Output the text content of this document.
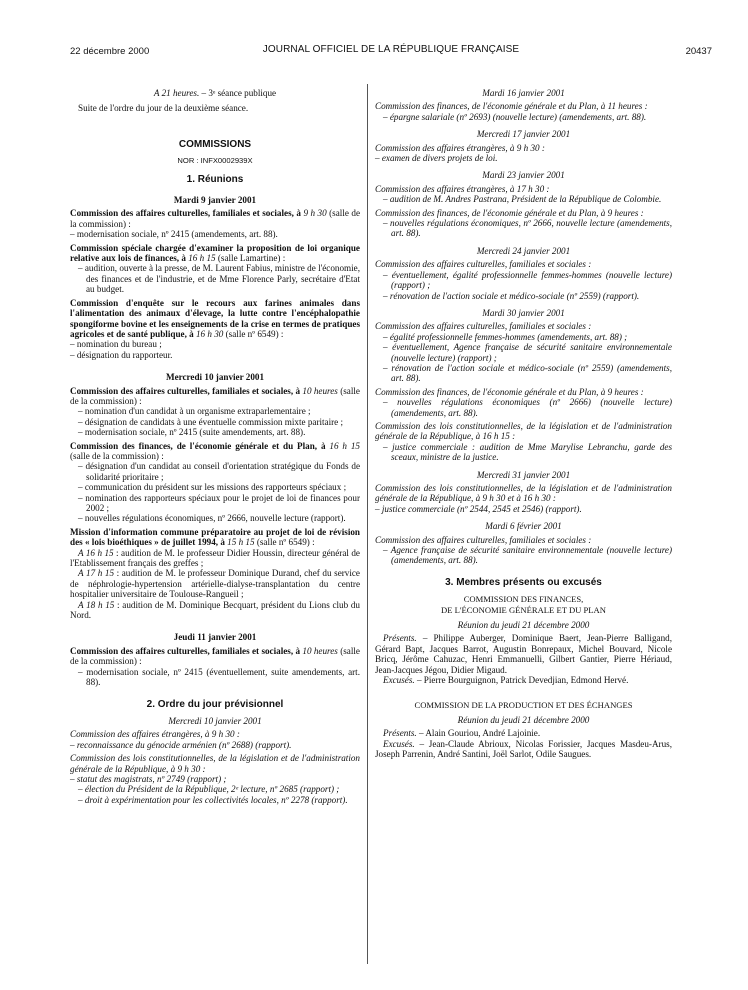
22 décembre 2000	JOURNAL OFFICIEL DE LA RÉPUBLIQUE FRANÇAISE	20437

A 21 heures. – 3ᵉ séance publique

Suite de l'ordre du jour de la deuxième séance.

COMMISSIONS
NOR : INFX0002939X
1. Réunions
Mardi 9 janvier 2001

Commission des affaires culturelles, familiales et sociales, à 9 h 30 (salle de la commission) :

– modernisation sociale, nº 2415 (amendements, art. 88).

Commission spéciale chargée d'examiner la proposition de loi organique relative aux lois de finances, à 16 h 15 (salle Lamartine) :

– audition, ouverte à la presse, de M. Laurent Fabius, ministre de l'économie, des finances et de l'industrie, et de Mme Florence Parly, secrétaire d'Etat au budget.

Commission d'enquête sur le recours aux farines animales dans l'alimentation des animaux d'élevage, la lutte contre l'encéphalopathie spongiforme bovine et les enseignements de la crise en termes de pratiques agricoles et de santé publique, à 16 h 30 (salle nº 6549) :

– nomination du bureau ;

– désignation du rapporteur.

Mercredi 10 janvier 2001

Commission des affaires culturelles, familiales et sociales, à 10 heures (salle de la commission) :

– nomination d'un candidat à un organisme extraparlementaire ;

– désignation de candidats à une éventuelle commission mixte paritaire ;

– modernisation sociale, nº 2415 (suite amendements, art. 88).

Commission des finances, de l'économie générale et du Plan, à 16 h 15 (salle de la commission) :

– désignation d'un candidat au conseil d'orientation stratégique du Fonds de solidarité prioritaire ;

– communication du président sur les missions des rapporteurs spéciaux ;

– nomination des rapporteurs spéciaux pour le projet de loi de finances pour 2002 ;

– nouvelles régulations économiques, nº 2666, nouvelle lecture (rapport).

Mission d'information commune préparatoire au projet de loi de révision des « lois bioéthiques » de juillet 1994, à 15 h 15 (salle nº 6549) :

A 16 h 15 : audition de M. le professeur Didier Houssin, directeur général de l'Etablissement français des greffes ;

A 17 h 15 : audition de M. le professeur Dominique Durand, chef du service de néphrologie-hypertension artérielle-dialyse-transplantation du centre hospitalier universitaire de Toulouse-Rangueil ;

A 18 h 15 : audition de M. Dominique Becquart, président du Lions club du Nord.

Jeudi 11 janvier 2001

Commission des affaires culturelles, familiales et sociales, à 10 heures (salle de la commission) :

– modernisation sociale, nº 2415 (éventuellement, suite amendements, art. 88).

2. Ordre du jour prévisionnel
Mercredi 10 janvier 2001

Commission des affaires étrangères, à 9 h 30 :

– reconnaissance du génocide arménien (nº 2688) (rapport).

Commission des lois constitutionnelles, de la législation et de l'administration générale de la République, à 9 h 30 :

– statut des magistrats, nº 2749 (rapport) ;

– élection du Président de la République, 2ᵉ lecture, nº 2685 (rapport) ;

– droit à expérimentation pour les collectivités locales, nº 2278 (rapport).

Mardi 16 janvier 2001

Commission des finances, de l'économie générale et du Plan, à 11 heures :

– épargne salariale (nº 2693) (nouvelle lecture) (amendements, art. 88).

Mercredi 17 janvier 2001

Commission des affaires étrangères, à 9 h 30 :

– examen de divers projets de loi.

Mardi 23 janvier 2001

Commission des affaires étrangères, à 17 h 30 :

– audition de M. Andres Pastrana, Président de la République de Colombie.

Commission des finances, de l'économie générale et du Plan, à 9 heures :

– nouvelles régulations économiques, nº 2666, nouvelle lecture (amendements, art. 88).

Mercredi 24 janvier 2001

Commission des affaires culturelles, familiales et sociales :

– éventuellement, égalité professionnelle femmes-hommes (nouvelle lecture) (rapport) ;

– rénovation de l'action sociale et médico-sociale (nº 2559) (rapport).

Mardi 30 janvier 2001

Commission des affaires culturelles, familiales et sociales :

– égalité professionnelle femmes-hommes (amendements, art. 88) ;

– éventuellement, Agence française de sécurité sanitaire environnementale (nouvelle lecture) (rapport) ;

– rénovation de l'action sociale et médico-sociale (nº 2559) (amendements, art. 88).

Commission des finances, de l'économie générale et du Plan, à 9 heures :

– nouvelles régulations économiques (nº 2666) (nouvelle lecture) (amendements, art. 88).

Commission des lois constitutionnelles, de la législation et de l'administration générale de la République, à 16 h 15 :

– justice commerciale : audition de Mme Marylise Lebranchu, garde des sceaux, ministre de la justice.

Mercredi 31 janvier 2001

Commission des lois constitutionnelles, de la législation et de l'administration générale de la République, à 9 h 30 et à 16 h 30 :

– justice commerciale (nº 2544, 2545 et 2546) (rapport).

Mardi 6 février 2001

Commission des affaires culturelles, familiales et sociales :

– Agence française de sécurité sanitaire environnementale (nouvelle lecture) (amendements, art. 88).

3. Membres présents ou excusés

COMMISSION DES FINANCES,

DE L'ÉCONOMIE GÉNÉRALE ET DU PLAN

Réunion du jeudi 21 décembre 2000

Présents. – Philippe Auberger, Dominique Baert, Jean-Pierre Balligand, Gérard Bapt, Jacques Barrot, Augustin Bonrepaux, Michel Bouvard, Nicole Bricq, Jérôme Cahuzac, Henri Emmanuelli, Gilbert Gantier, Pierre Hériaud, Jean-Jacques Jégou, Didier Migaud.

Excusés. – Pierre Bourguignon, Patrick Devedjian, Edmond Hervé.

COMMISSION DE LA PRODUCTION ET DES ÉCHANGES

Réunion du jeudi 21 décembre 2000

Présents. – Alain Gouriou, André Lajoinie.

Excusés. – Jean-Claude Abrioux, Nicolas Forissier, Jacques Masdeu-Arus, Joseph Parrenin, André Santini, Joël Sarlot, Odile Saugues.
